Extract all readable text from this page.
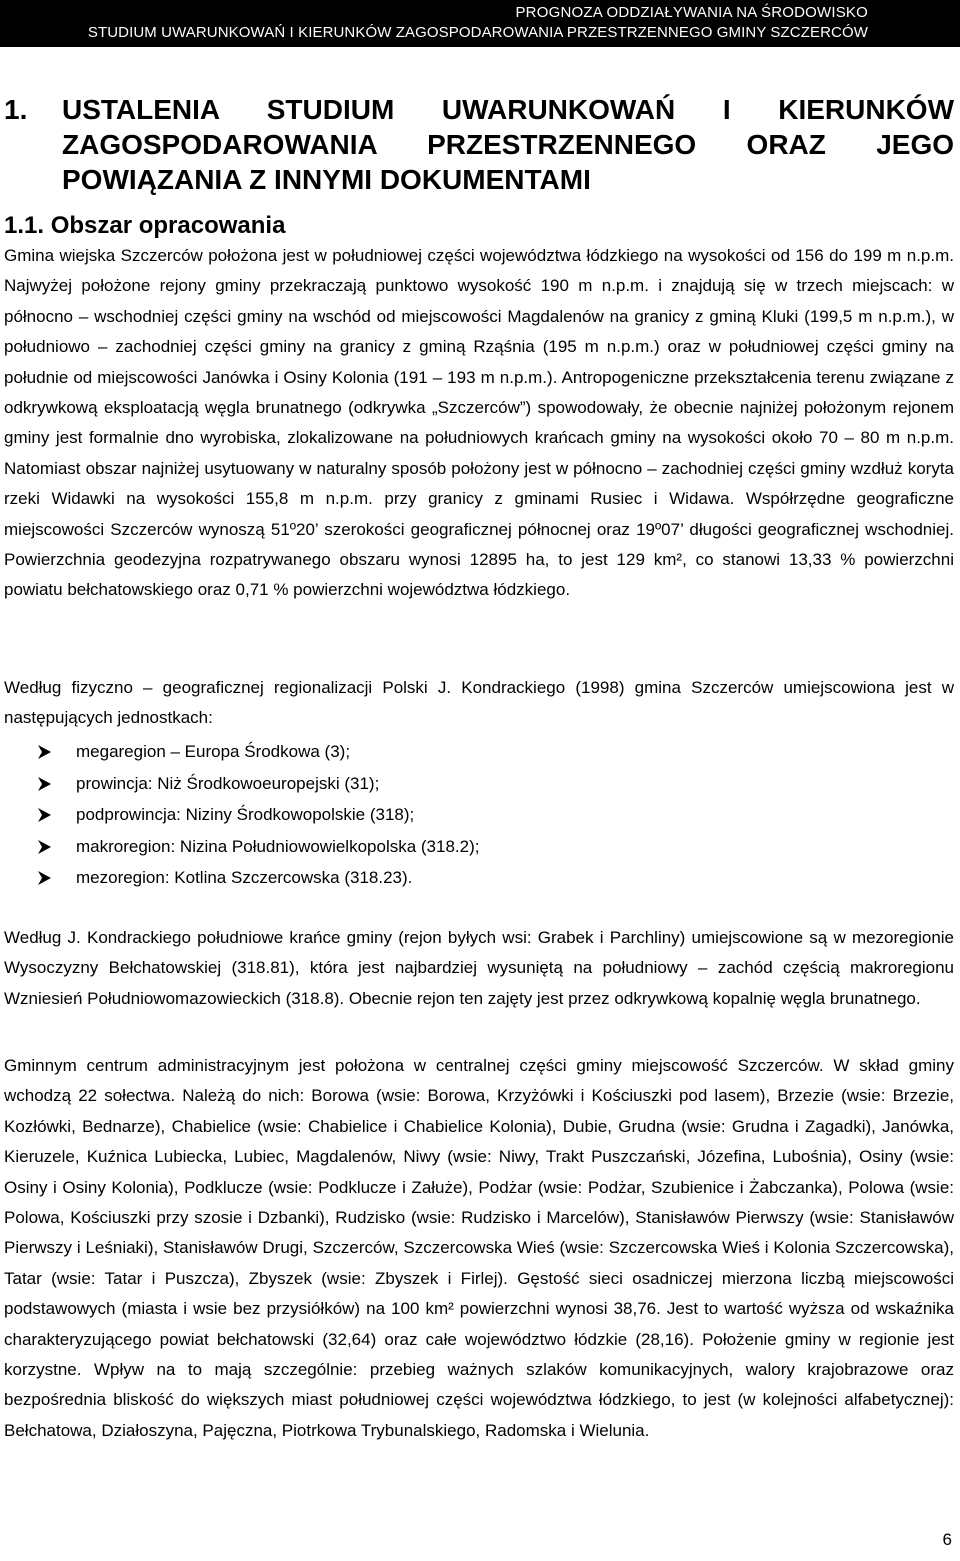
PROGNOZA ODDZIAŁYWANIA NA ŚRODOWISKO
STUDIUM UWARUNKOWAŃ I KIERUNKÓW ZAGOSPODAROWANIA PRZESTRZENNEGO GMINY SZCZERCÓW
1. USTALENIA STUDIUM UWARUNKOWAŃ I KIERUNKÓW ZAGOSPODAROWANIA PRZESTRZENNEGO ORAZ JEGO POWIĄZANIA Z INNYMI DOKUMENTAMI
1.1. Obszar opracowania
Gmina wiejska Szczerców położona jest w południowej części województwa łódzkiego na wysokości od 156 do 199 m n.p.m. Najwyżej położone rejony gminy przekraczają punktowo wysokość 190 m n.p.m. i znajdują się w trzech miejscach: w północno – wschodniej części gminy na wschód od miejscowości Magdalenów na granicy z gminą Kluki (199,5 m n.p.m.), w południowo – zachodniej części gminy na granicy z gminą Rząśnia (195 m n.p.m.) oraz w południowej części gminy na południe od miejscowości Janówka i Osiny Kolonia (191 – 193 m n.p.m.). Antropogeniczne przekształcenia terenu związane z odkrywkową eksploatacją węgla brunatnego (odkrywka „Szczerców”) spowodowały, że obecnie najniżej położonym rejonem gminy jest formalnie dno wyrobiska, zlokalizowane na południowych krańcach gminy na wysokości około 70 – 80 m n.p.m. Natomiast obszar najniżej usytuowany w naturalny sposób położony jest w północno – zachodniej części gminy wzdłuż koryta rzeki Widawki na wysokości 155,8 m n.p.m. przy granicy z gminami Rusiec i Widawa. Współrzędne geograficzne miejscowości Szczerców wynoszą 51º20’ szerokości geograficznej północnej oraz 19º07’ długości geograficznej wschodniej. Powierzchnia geodezyjna rozpatrywanego obszaru wynosi 12895 ha, to jest 129 km², co stanowi 13,33 % powierzchni powiatu bełchatowskiego oraz 0,71 % powierzchni województwa łódzkiego.
Według fizyczno – geograficznej regionalizacji Polski J. Kondrackiego (1998) gmina Szczerców umiejscowiona jest w następujących jednostkach:
megaregion – Europa Środkowa (3);
prowincja: Niż Środkowoeuropejski (31);
podprowincja: Niziny Środkowopolskie (318);
makroregion: Nizina Południowowielkopolska (318.2);
mezoregion: Kotlina Szczercowska (318.23).
Według J. Kondrackiego południowe krańce gminy (rejon byłych wsi: Grabek i Parchliny) umiejscowione są w mezoregionie Wysoczyzny Bełchatowskiej (318.81), która jest najbardziej wysuniętą na południowy – zachód częścią makroregionu Wzniesień Południowomazowieckich (318.8). Obecnie rejon ten zajęty jest przez odkrywkową kopalnię węgla brunatnego.
Gminnym centrum administracyjnym jest położona w centralnej części gminy miejscowość Szczerców. W skład gminy wchodzą 22 sołectwa. Należą do nich: Borowa (wsie: Borowa, Krzyżówki i Kościuszki pod lasem), Brzezie (wsie: Brzezie, Kozłówki, Bednarze), Chabielice (wsie: Chabielice i Chabielice Kolonia), Dubie, Grudna (wsie: Grudna i Zagadki), Janówka, Kieruzele, Kuźnica Lubiecka, Lubiec, Magdalenów, Niwy (wsie: Niwy, Trakt Puszczański, Józefina, Lubośnia), Osiny (wsie: Osiny i Osiny Kolonia), Podklucze (wsie: Podklucze i Załuże), Podżar (wsie: Podżar, Szubienice i Żabczanka), Polowa (wsie: Polowa, Kościuszki przy szosie i Dzbanki), Rudzisko (wsie: Rudzisko i Marcelów), Stanisławów Pierwszy (wsie: Stanisławów Pierwszy i Leśniaki), Stanisławów Drugi, Szczerców, Szczercowska Wieś (wsie: Szczercowska Wieś i Kolonia Szczercowska), Tatar (wsie: Tatar i Puszcza), Zbyszek (wsie: Zbyszek i Firlej). Gęstość sieci osadniczej mierzona liczbą miejscowości podstawowych (miasta i wsie bez przysiółków) na 100 km² powierzchni wynosi 38,76. Jest to wartość wyższa od wskaźnika charakteryzującego powiat bełchatowski (32,64) oraz całe województwo łódzkie (28,16). Położenie gminy w regionie jest korzystne. Wpływ na to mają szczególnie: przebieg ważnych szlaków komunikacyjnych, walory krajobrazowe oraz bezpośrednia bliskość do większych miast południowej części województwa łódzkiego, to jest (w kolejności alfabetycznej): Bełchatowa, Działoszyna, Pajęczna, Piotrkowa Trybunalskiego, Radomska i Wielunia.
6
